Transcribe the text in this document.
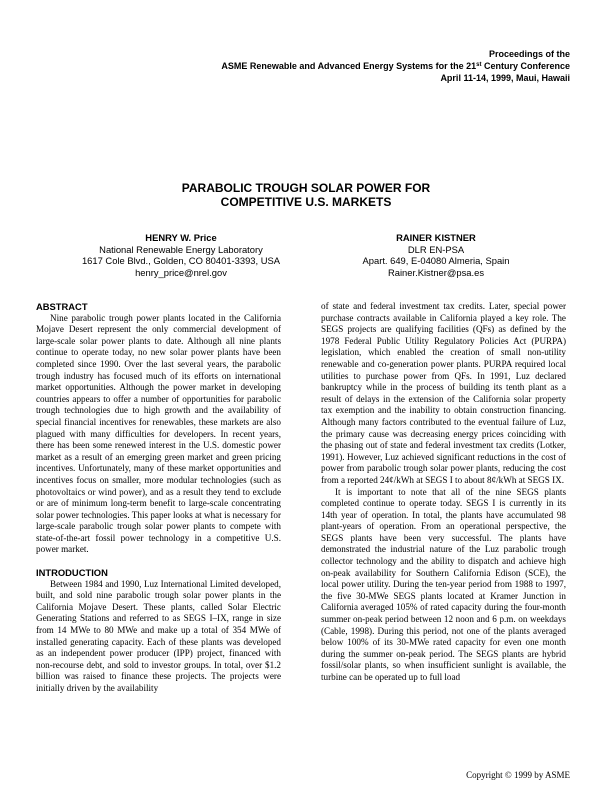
Proceedings of the
ASME Renewable and Advanced Energy Systems for the 21st Century Conference
April 11-14, 1999, Maui, Hawaii
PARABOLIC TROUGH SOLAR POWER FOR
COMPETITIVE U.S. MARKETS
HENRY W. Price
National Renewable Energy Laboratory
1617 Cole Blvd., Golden, CO 80401-3393, USA
henry_price@nrel.gov
RAINER KISTNER
DLR EN-PSA
Apart. 649, E-04080 Almeria, Spain
Rainer.Kistner@psa.es
ABSTRACT

Nine parabolic trough power plants located in the California Mojave Desert represent the only commercial development of large-scale solar power plants to date. Although all nine plants continue to operate today, no new solar power plants have been completed since 1990. Over the last several years, the parabolic trough industry has focused much of its efforts on international market opportunities. Although the power market in developing countries appears to offer a number of opportunities for parabolic trough technologies due to high growth and the availability of special financial incentives for renewables, these markets are also plagued with many difficulties for developers. In recent years, there has been some renewed interest in the U.S. domestic power market as a result of an emerging green market and green pricing incentives. Unfortunately, many of these market opportunities and incentives focus on smaller, more modular technologies (such as photovoltaics or wind power), and as a result they tend to exclude or are of minimum long-term benefit to large-scale concentrating solar power technologies. This paper looks at what is necessary for large-scale parabolic trough solar power plants to compete with state-of-the-art fossil power technology in a competitive U.S. power market.

INTRODUCTION

Between 1984 and 1990, Luz International Limited developed, built, and sold nine parabolic trough solar power plants in the California Mojave Desert. These plants, called Solar Electric Generating Stations and referred to as SEGS I–IX, range in size from 14 MWe to 80 MWe and make up a total of 354 MWe of installed generating capacity. Each of these plants was developed as an independent power producer (IPP) project, financed with non-recourse debt, and sold to investor groups. In total, over $1.2 billion was raised to finance these projects. The projects were initially driven by the availability

of state and federal investment tax credits. Later, special power purchase contracts available in California played a key role. The SEGS projects are qualifying facilities (QFs) as defined by the 1978 Federal Public Utility Regulatory Policies Act (PURPA) legislation, which enabled the creation of small non-utility renewable and co-generation power plants. PURPA required local utilities to purchase power from QFs. In 1991, Luz declared bankruptcy while in the process of building its tenth plant as a result of delays in the extension of the California solar property tax exemption and the inability to obtain construction financing. Although many factors contributed to the eventual failure of Luz, the primary cause was decreasing energy prices coinciding with the phasing out of state and federal investment tax credits (Lotker, 1991). However, Luz achieved significant reductions in the cost of power from parabolic trough solar power plants, reducing the cost from a reported 24¢/kWh at SEGS I to about 8¢/kWh at SEGS IX.

It is important to note that all of the nine SEGS plants completed continue to operate today. SEGS I is currently in its 14th year of operation. In total, the plants have accumulated 98 plant-years of operation. From an operational perspective, the SEGS plants have been very successful. The plants have demonstrated the industrial nature of the Luz parabolic trough collector technology and the ability to dispatch and achieve high on-peak availability for Southern California Edison (SCE), the local power utility. During the ten-year period from 1988 to 1997, the five 30-MWe SEGS plants located at Kramer Junction in California averaged 105% of rated capacity during the four-month summer on-peak period between 12 noon and 6 p.m. on weekdays (Cable, 1998). During this period, not one of the plants averaged below 100% of its 30-MWe rated capacity for even one month during the summer on-peak period. The SEGS plants are hybrid fossil/solar plants, so when insufficient sunlight is available, the turbine can be operated up to full load

Copyright © 1999 by ASME
